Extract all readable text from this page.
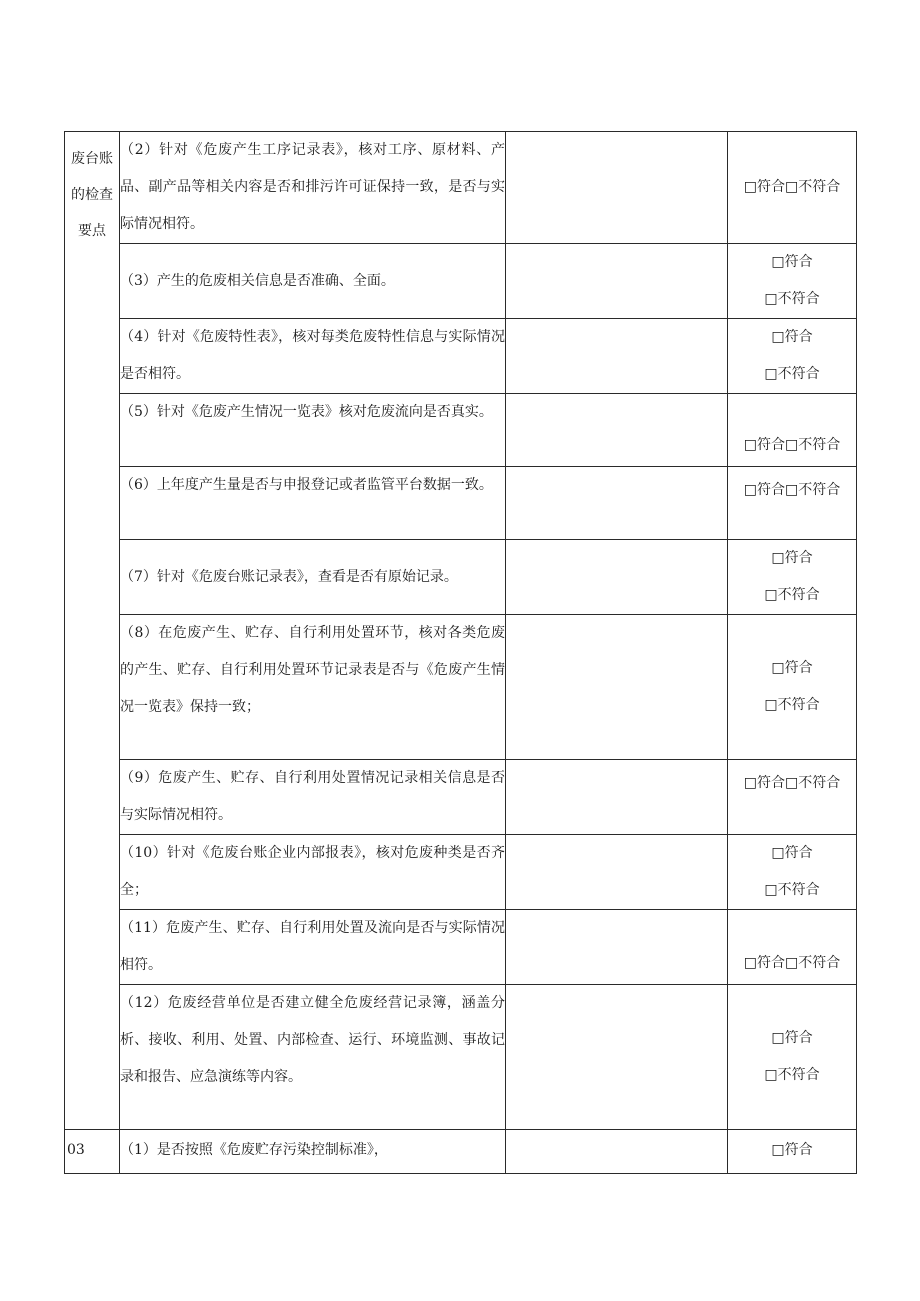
废台账的检查要点	（2）针对《危废产生工序记录表》，核对工序、原材料、产品、副产品等相关内容是否和排污许可证保持一致，是否与实际情况相符。		□符合□不符合

	（3）产生的危废相关信息是否准确、全面。		□符合
□不符合

	（4）针对《危废特性表》，核对每类危废特性信息与实际情况是否相符。		□符合
□不符合

	（5）针对《危废产生情况一览表》核对危废流向是否真实。		□符合□不符合

	（6）上年度产生量是否与申报登记或者监管平台数据一致。		□符合□不符合

	（7）针对《危废台账记录表》，查看是否有原始记录。		□符合
□不符合

	（8）在危废产生、贮存、自行利用处置环节，核对各类危废的产生、贮存、自行利用处置环节记录表是否与《危废产生情况一览表》保持一致；		□符合
□不符合

	（9）危废产生、贮存、自行利用处置情况记录相关信息是否与实际情况相符。		□符合□不符合

	（10）针对《危废台账企业内部报表》，核对危废种类是否齐全；		□符合
□不符合

	（11）危废产生、贮存、自行利用处置及流向是否与实际情况相符。		□符合□不符合

	（12）危废经营单位是否建立健全危废经营记录簿，涵盖分析、接收、利用、处置、内部检查、运行、环境监测、事故记录和报告、应急演练等内容。		□符合
□不符合

03	（1）是否按照《危废贮存污染控制标准》，		□符合
